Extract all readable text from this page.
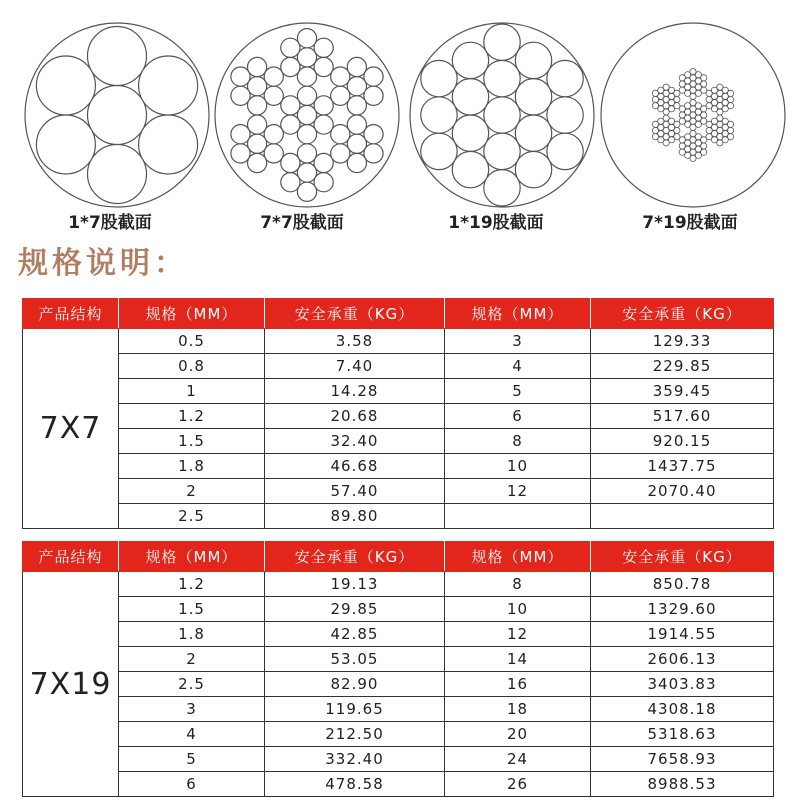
1*7股截面	7*7股截面	1*19股截面	7*19股截面
规格说明：
产品结构	规格（MM）	安全承重（KG）	规格（MM）	安全承重（KG）
7X7	0.5	3.58	3	129.33
	0.8	7.40	4	229.85
	1	14.28	5	359.45
	1.2	20.68	6	517.60
	1.5	32.40	8	920.15
	1.8	46.68	10	1437.75
	2	57.40	12	2070.40
	2.5	89.80		
产品结构	规格（MM）	安全承重（KG）	规格（MM）	安全承重（KG）
7X19	1.2	19.13	8	850.78
	1.5	29.85	10	1329.60
	1.8	42.85	12	1914.55
	2	53.05	14	2606.13
	2.5	82.90	16	3403.83
	3	119.65	18	4308.18
	4	212.50	20	5318.63
	5	332.40	24	7658.93
	6	478.58	26	8988.53
